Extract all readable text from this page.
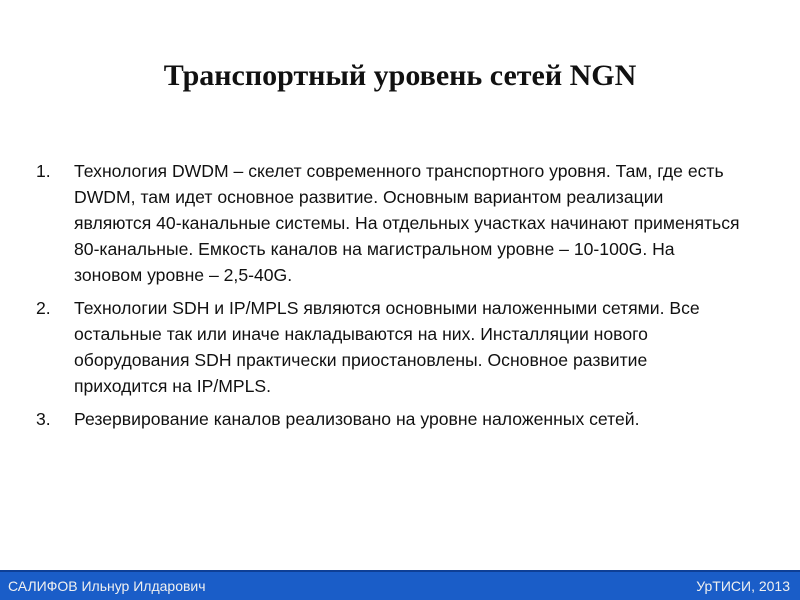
Транспортный уровень сетей NGN
1. Технология DWDM – скелет современного транспортного уровня. Там, где есть DWDM, там идет основное развитие. Основным вариантом реализации являются 40-канальные системы. На отдельных участках начинают применяться 80-канальные. Емкость каналов на магистральном уровне – 10-100G. На зоновом уровне – 2,5-40G.
2. Технологии SDH и IP/MPLS являются основными наложенными сетями. Все остальные так или иначе накладываются на них. Инсталляции нового оборудования SDH практически приостановлены. Основное развитие приходится на IP/MPLS.
3. Резервирование каналов реализовано на уровне наложенных сетей.
САЛИФОВ Ильнур Илдарович	УрТИСИ, 2013
